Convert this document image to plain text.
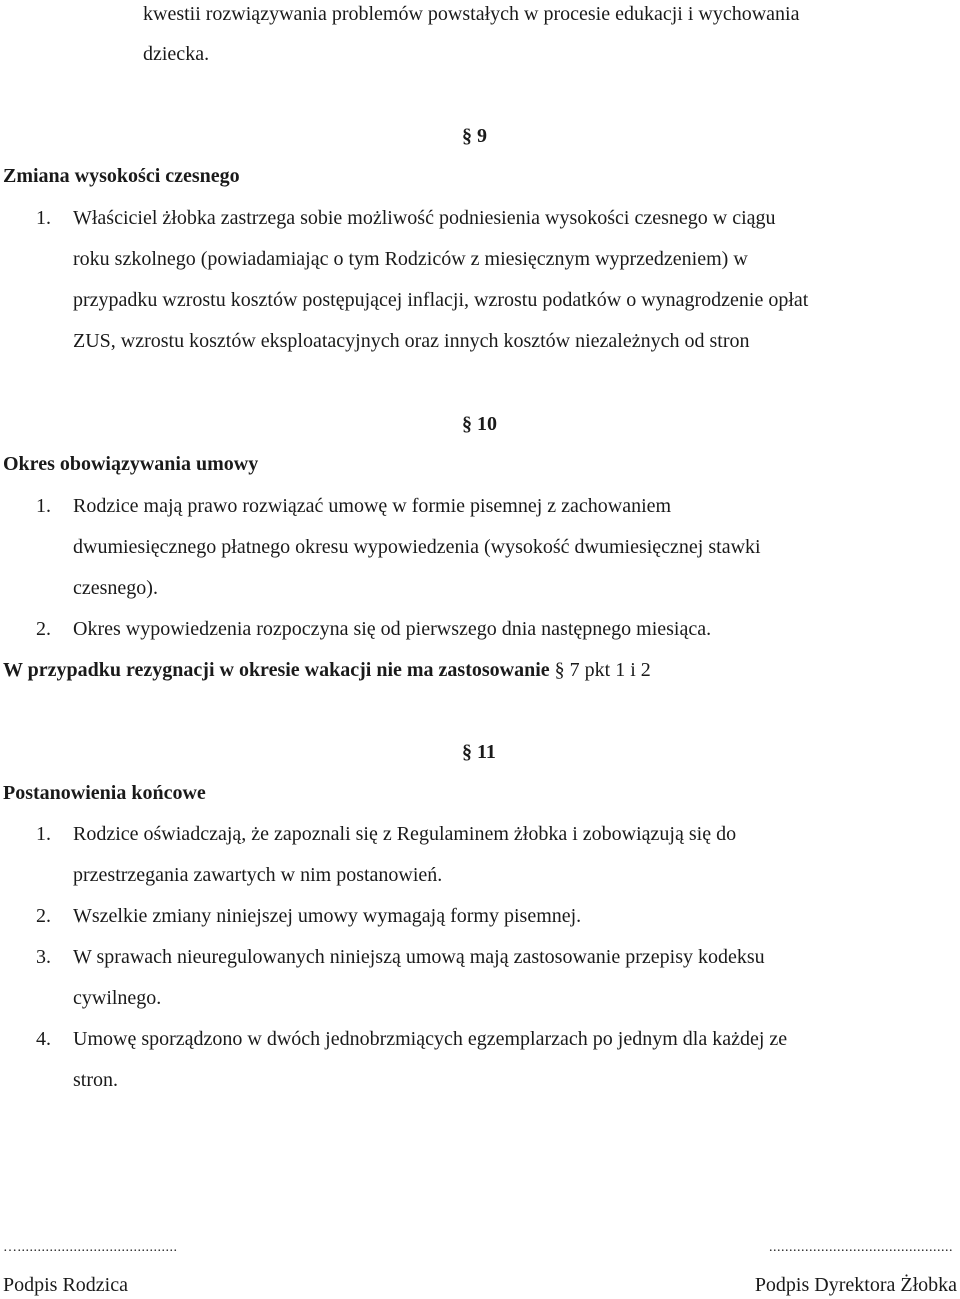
kwestii rozwiązywania problemów powstałych w procesie edukacji i wychowania
dziecka.
§ 9
Zmiana wysokości czesnego
1. Właściciel żłobka zastrzega sobie możliwość podniesienia wysokości czesnego w ciągu
roku szkolnego (powiadamiając o tym Rodziców z miesięcznym wyprzedzeniem) w
przypadku wzrostu kosztów postępującej inflacji, wzrostu podatków o wynagrodzenie opłat
ZUS, wzrostu kosztów eksploatacyjnych oraz innych kosztów niezależnych od stron
§ 10
Okres obowiązywania umowy
1. Rodzice mają prawo rozwiązać umowę w formie pisemnej z zachowaniem
dwumiesięcznego płatnego okresu wypowiedzenia (wysokość dwumiesięcznej stawki
czesnego).
2. Okres wypowiedzenia rozpoczyna się od pierwszego dnia następnego miesiąca.
W przypadku rezygnacji w okresie wakacji nie ma zastosowanie § 7 pkt 1 i 2
§ 11
Postanowienia końcowe
1. Rodzice oświadczają, że zapoznali się z Regulaminem żłobka i zobowiązują się do
przestrzegania zawartych w nim postanowień.
2. Wszelkie zmiany niniejszej umowy wymagają formy pisemnej.
3. W sprawach nieuregulowanych niniejszą umową mają zastosowanie przepisy kodeksu
cywilnego.
4. Umowę sporządzono w dwóch jednobrzmiących egzemplarzach po jednym dla każdej ze
stron.
…........................................
Podpis Rodzica
..............................................
Podpis Dyrektora Żłobka
